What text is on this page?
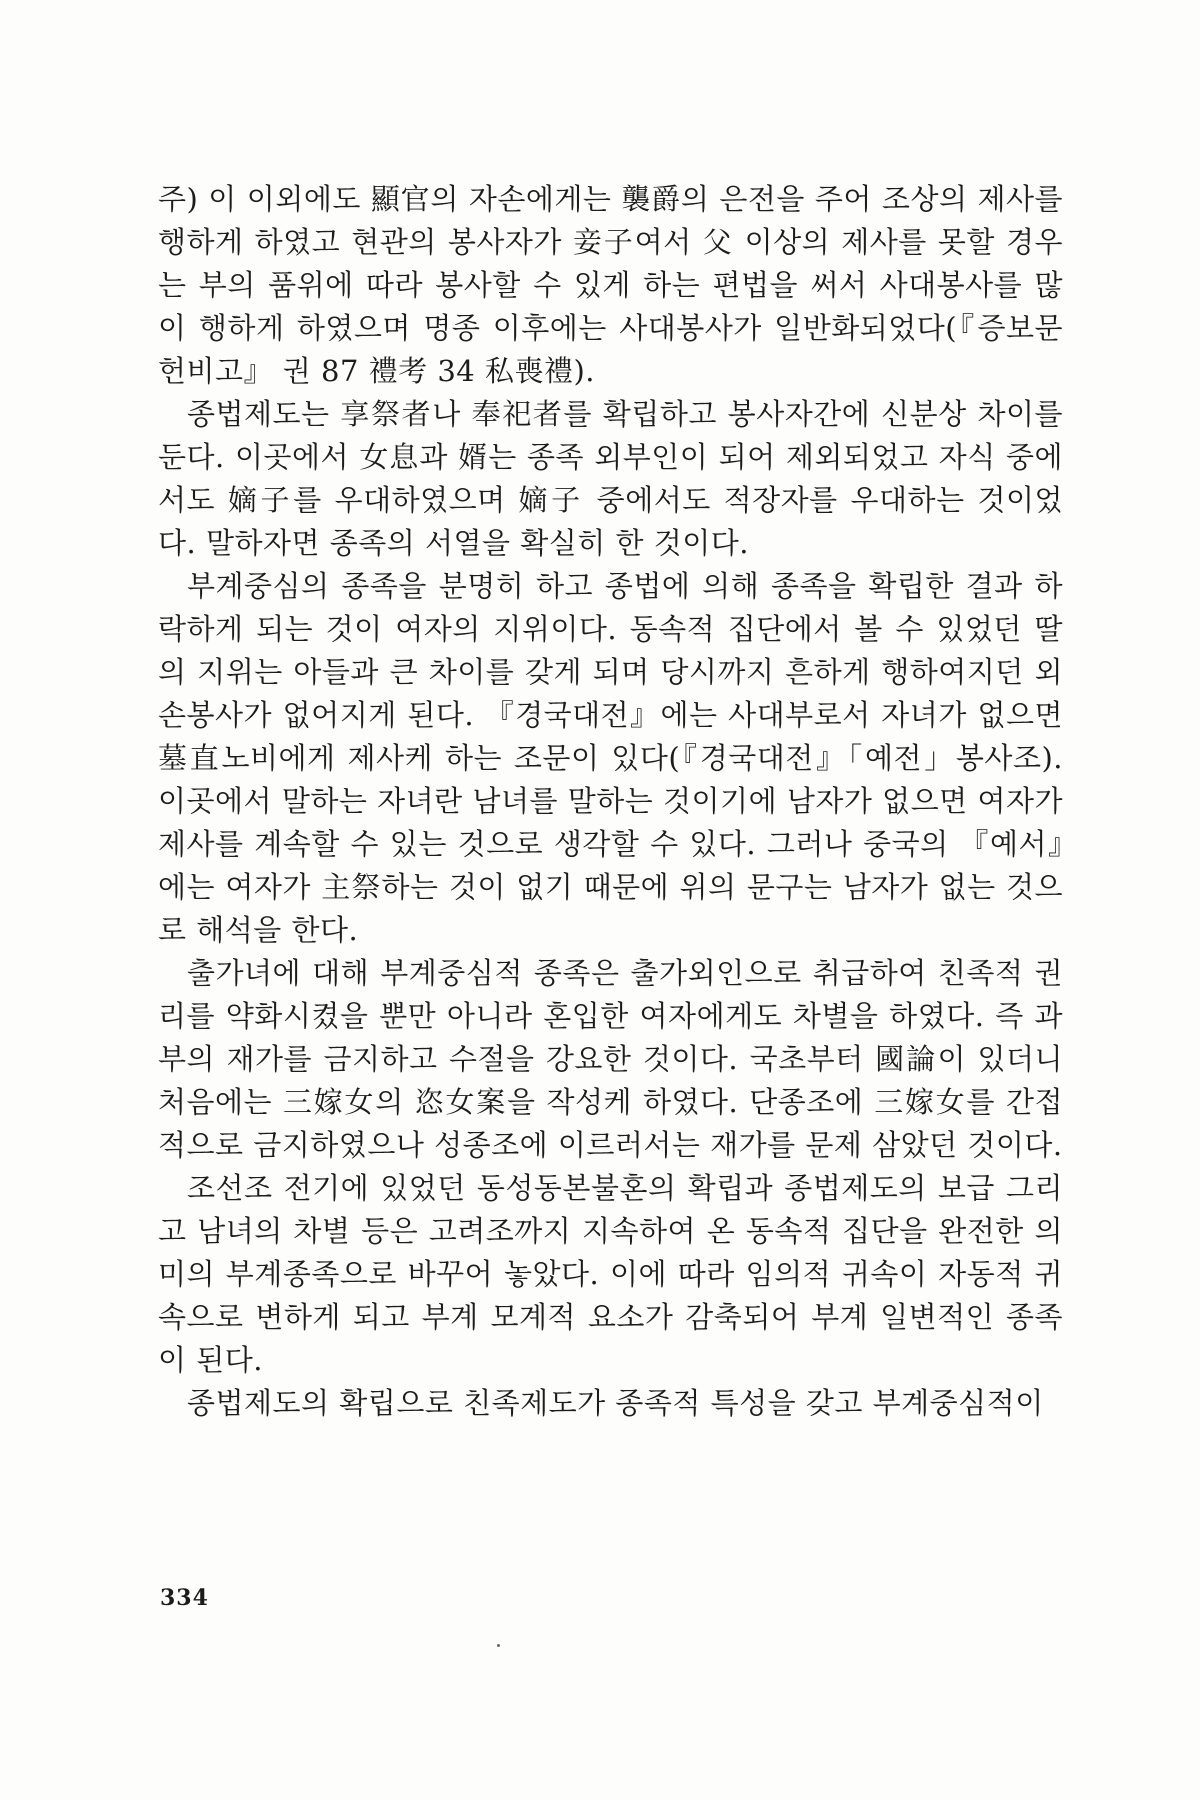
주) 이 이외에도 顯官의 자손에게는 襲爵의 은전을 주어 조상의 제사를 행하게 하였고 현관의 봉사자가 妾子여서 父 이상의 제사를 못할 경우는 부의 품위에 따라 봉사할 수 있게 하는 편법을 써서 사대봉사를 많이 행하게 하였으며 명종 이후에는 사대봉사가 일반화되었다(『증보문헌비고』 권 87 禮考 34 私喪禮).

종법제도는 享祭者나 奉祀者를 확립하고 봉사자간에 신분상 차이를 둔다. 이곳에서 女息과 婿는 종족 외부인이 되어 제외되었고 자식 중에서도 嫡子를 우대하였으며 嫡子 중에서도 적장자를 우대하는 것이었다. 말하자면 종족의 서열을 확실히 한 것이다.

부계중심의 종족을 분명히 하고 종법에 의해 종족을 확립한 결과 하락하게 되는 것이 여자의 지위이다. 동속적 집단에서 볼 수 있었던 딸의 지위는 아들과 큰 차이를 갖게 되며 당시까지 흔하게 행하여지던 외손봉사가 없어지게 된다. 『경국대전』에는 사대부로서 자녀가 없으면 墓直노비에게 제사케 하는 조문이 있다(『경국대전』「예전」봉사조). 이곳에서 말하는 자녀란 남녀를 말하는 것이기에 남자가 없으면 여자가 제사를 계속할 수 있는 것으로 생각할 수 있다. 그러나 중국의 『예서』에는 여자가 主祭하는 것이 없기 때문에 위의 문구는 남자가 없는 것으로 해석을 한다.

출가녀에 대해 부계중심적 종족은 출가외인으로 취급하여 친족적 권리를 약화시켰을 뿐만 아니라 혼입한 여자에게도 차별을 하였다. 즉 과부의 재가를 금지하고 수절을 강요한 것이다. 국초부터 國論이 있더니 처음에는 三嫁女의 恣女案을 작성케 하였다. 단종조에 三嫁女를 간접적으로 금지하였으나 성종조에 이르러서는 재가를 문제 삼았던 것이다.

조선조 전기에 있었던 동성동본불혼의 확립과 종법제도의 보급 그리고 남녀의 차별 등은 고려조까지 지속하여 온 동속적 집단을 완전한 의미의 부계종족으로 바꾸어 놓았다. 이에 따라 임의적 귀속이 자동적 귀속으로 변하게 되고 부계 모계적 요소가 감축되어 부계 일변적인 종족이 된다.

종법제도의 확립으로 친족제도가 종족적 특성을 갖고 부계중심적이

334
